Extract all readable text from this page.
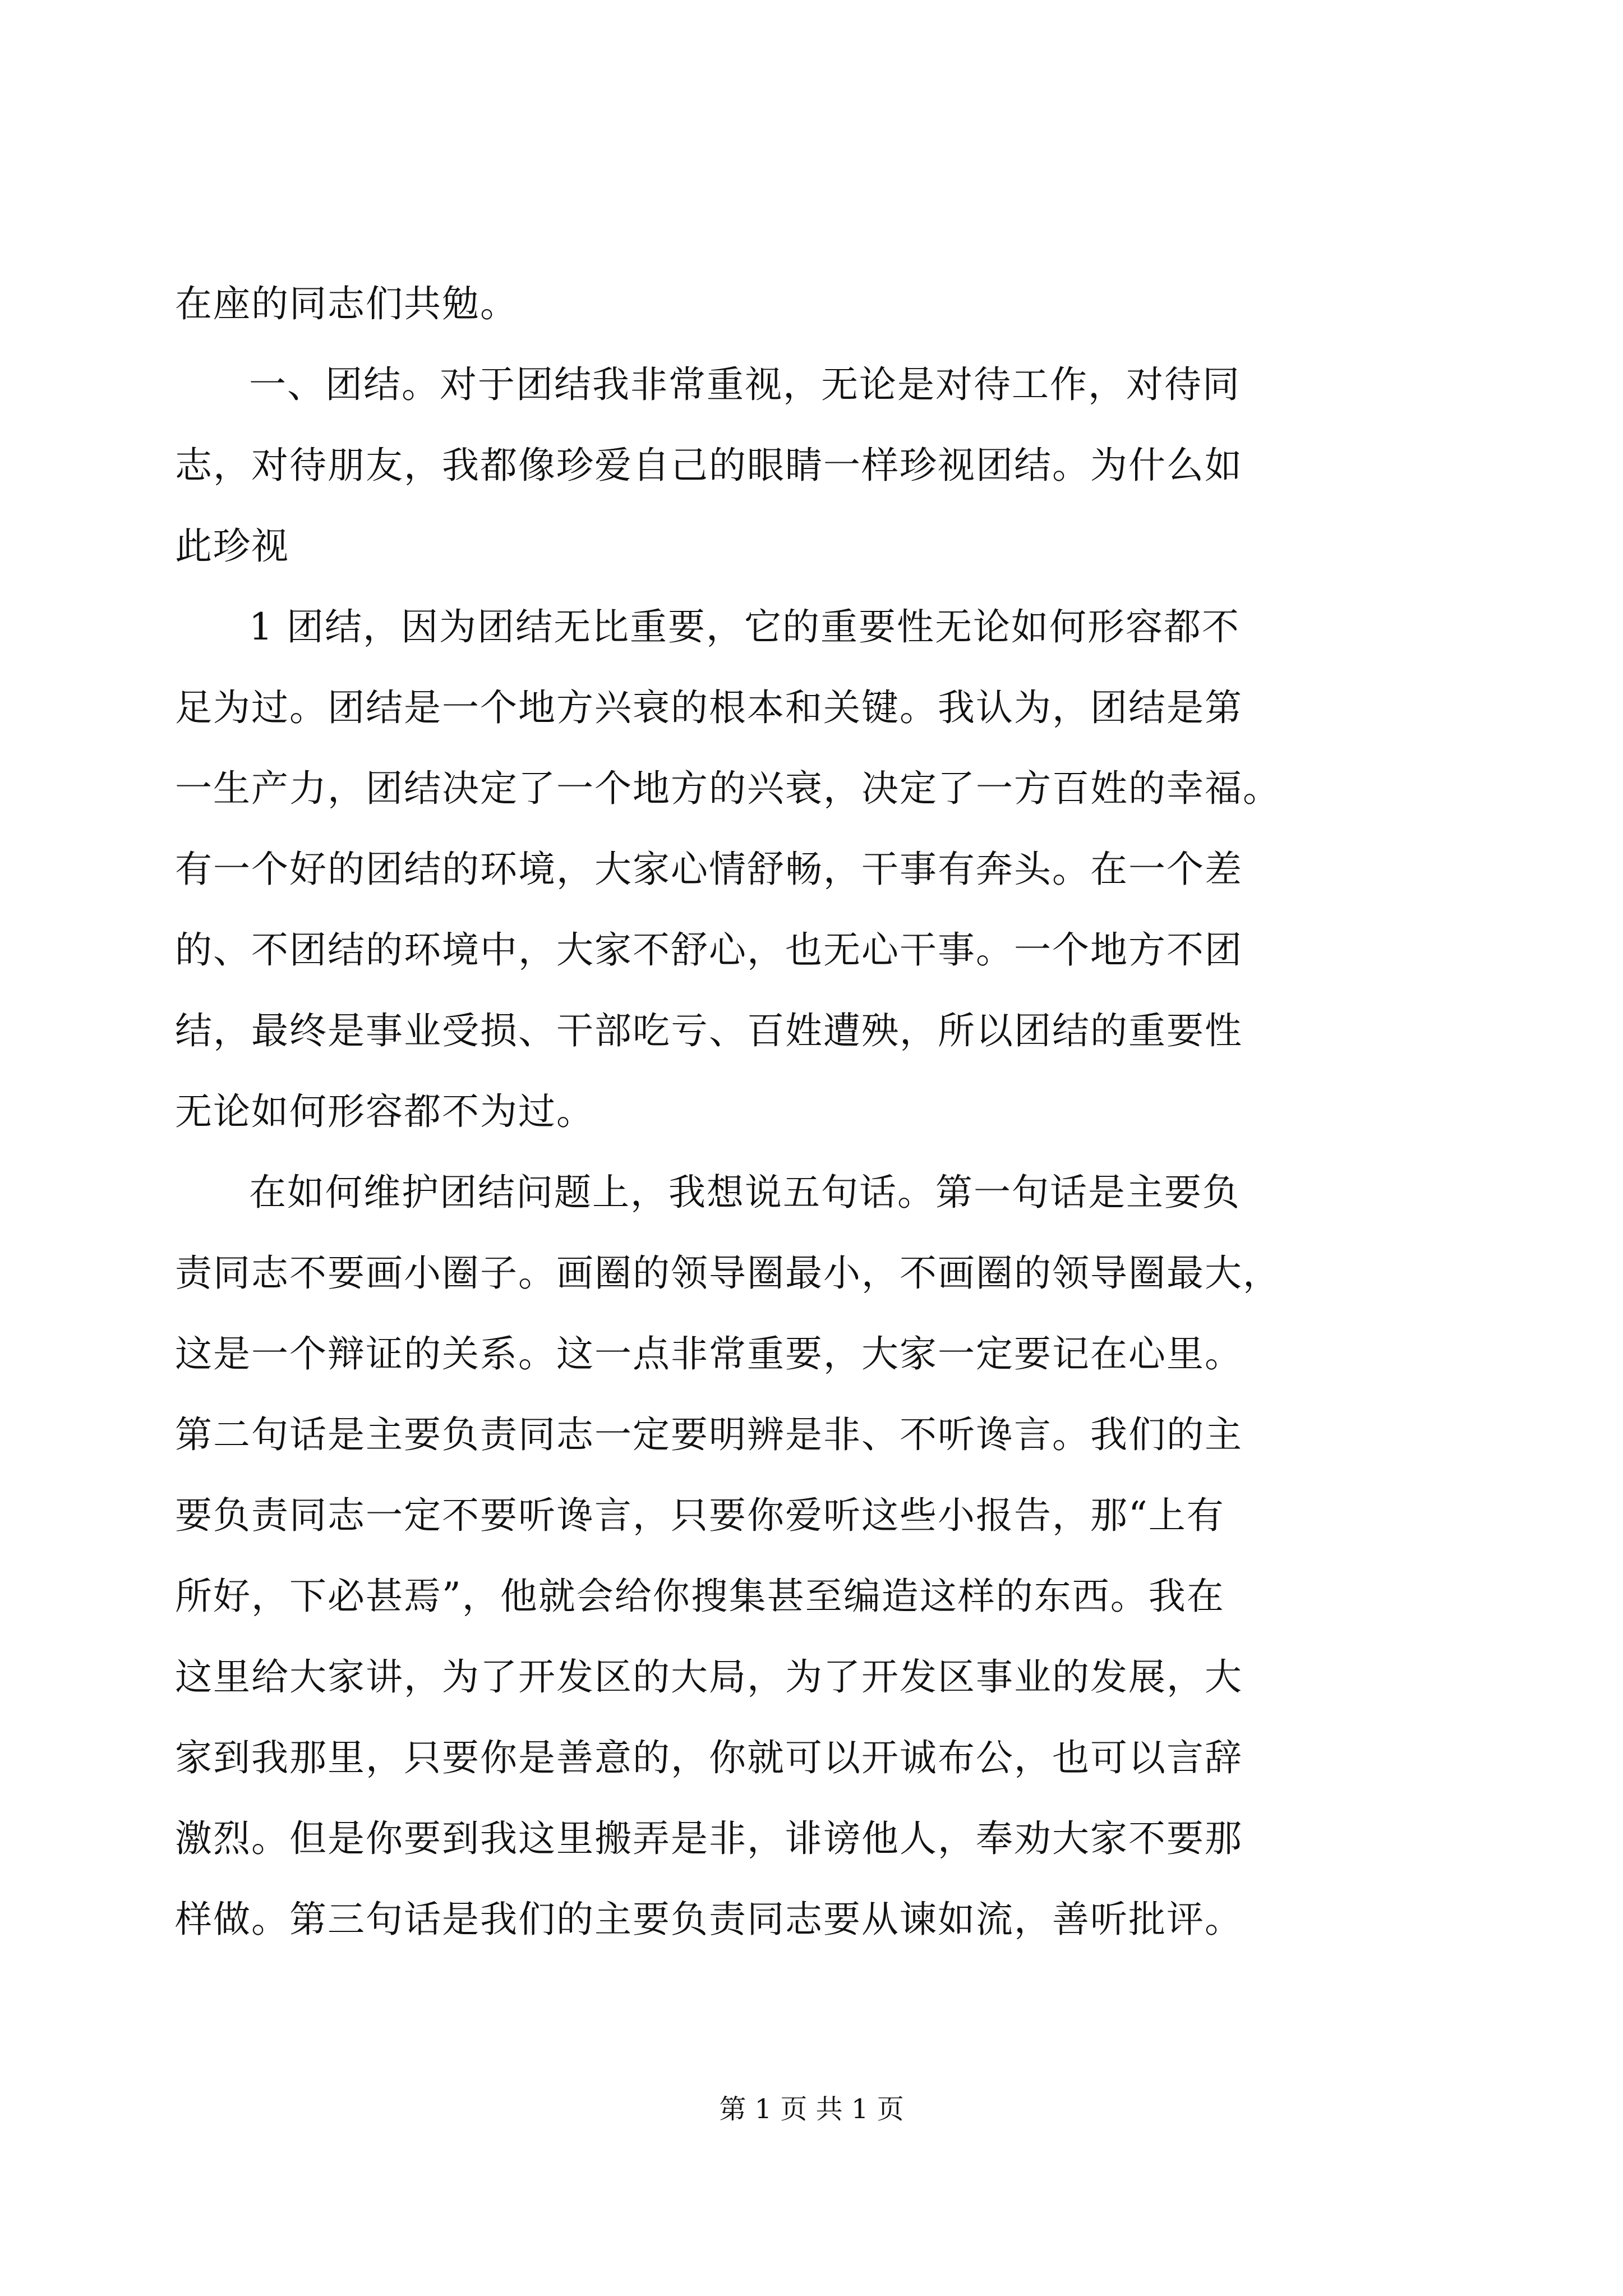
在座的同志们共勉。
一、团结。对于团结我非常重视，无论是对待工作，对待同
志，对待朋友，我都像珍爱自己的眼睛一样珍视团结。为什么如
此珍视
1 团结，因为团结无比重要，它的重要性无论如何形容都不
足为过。团结是一个地方兴衰的根本和关键。我认为，团结是第
一生产力，团结决定了一个地方的兴衰，决定了一方百姓的幸福。
有一个好的团结的环境，大家心情舒畅，干事有奔头。在一个差
的、不团结的环境中，大家不舒心，也无心干事。一个地方不团
结，最终是事业受损、干部吃亏、百姓遭殃，所以团结的重要性
无论如何形容都不为过。
在如何维护团结问题上，我想说五句话。第一句话是主要负
责同志不要画小圈子。画圈的领导圈最小，不画圈的领导圈最大，
这是一个辩证的关系。这一点非常重要，大家一定要记在心里。
第二句话是主要负责同志一定要明辨是非、不听谗言。我们的主
要负责同志一定不要听谗言，只要你爱听这些小报告，那“上有
所好，下必甚焉”，他就会给你搜集甚至编造这样的东西。我在
这里给大家讲，为了开发区的大局，为了开发区事业的发展，大
家到我那里，只要你是善意的，你就可以开诚布公，也可以言辞
激烈。但是你要到我这里搬弄是非，诽谤他人，奉劝大家不要那
样做。第三句话是我们的主要负责同志要从谏如流，善听批评。
第 1 页 共 1 页
